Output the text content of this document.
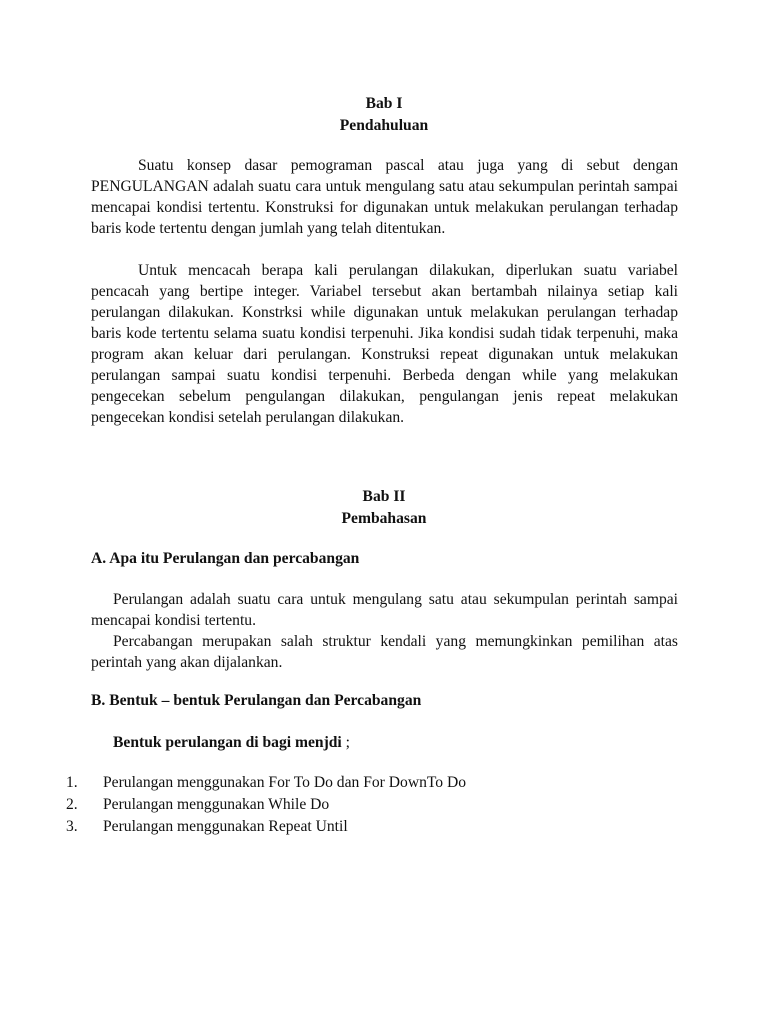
Bab I
Pendahuluan

Suatu konsep dasar pemograman pascal atau juga yang di sebut dengan PENGULANGAN adalah suatu cara untuk mengulang satu atau sekumpulan perintah sampai mencapai kondisi tertentu. Konstruksi for digunakan untuk melakukan perulangan terhadap baris kode tertentu dengan jumlah yang telah ditentukan.

Untuk mencacah berapa kali perulangan dilakukan, diperlukan suatu variabel pencacah yang bertipe integer. Variabel tersebut akan bertambah nilainya setiap kali perulangan dilakukan. Konstrksi while digunakan untuk melakukan perulangan terhadap baris kode tertentu selama suatu kondisi terpenuhi. Jika kondisi sudah tidak terpenuhi, maka program akan keluar dari perulangan. Konstruksi repeat digunakan untuk melakukan perulangan sampai suatu kondisi terpenuhi. Berbeda dengan while yang melakukan pengecekan sebelum pengulangan dilakukan, pengulangan jenis repeat melakukan pengecekan kondisi setelah perulangan dilakukan.

Bab II
Pembahasan
A. Apa itu Perulangan dan percabangan

Perulangan adalah suatu cara untuk mengulang satu atau sekumpulan perintah sampai mencapai kondisi tertentu.

Percabangan merupakan salah struktur kendali yang memungkinkan pemilihan atas perintah yang akan dijalankan.

B. Bentuk – bentuk Perulangan dan Percabangan
Bentuk perulangan di bagi menjdi ;
1. Perulangan menggunakan For To Do dan For DownTo Do
2. Perulangan menggunakan While Do
3. Perulangan menggunakan Repeat Until
